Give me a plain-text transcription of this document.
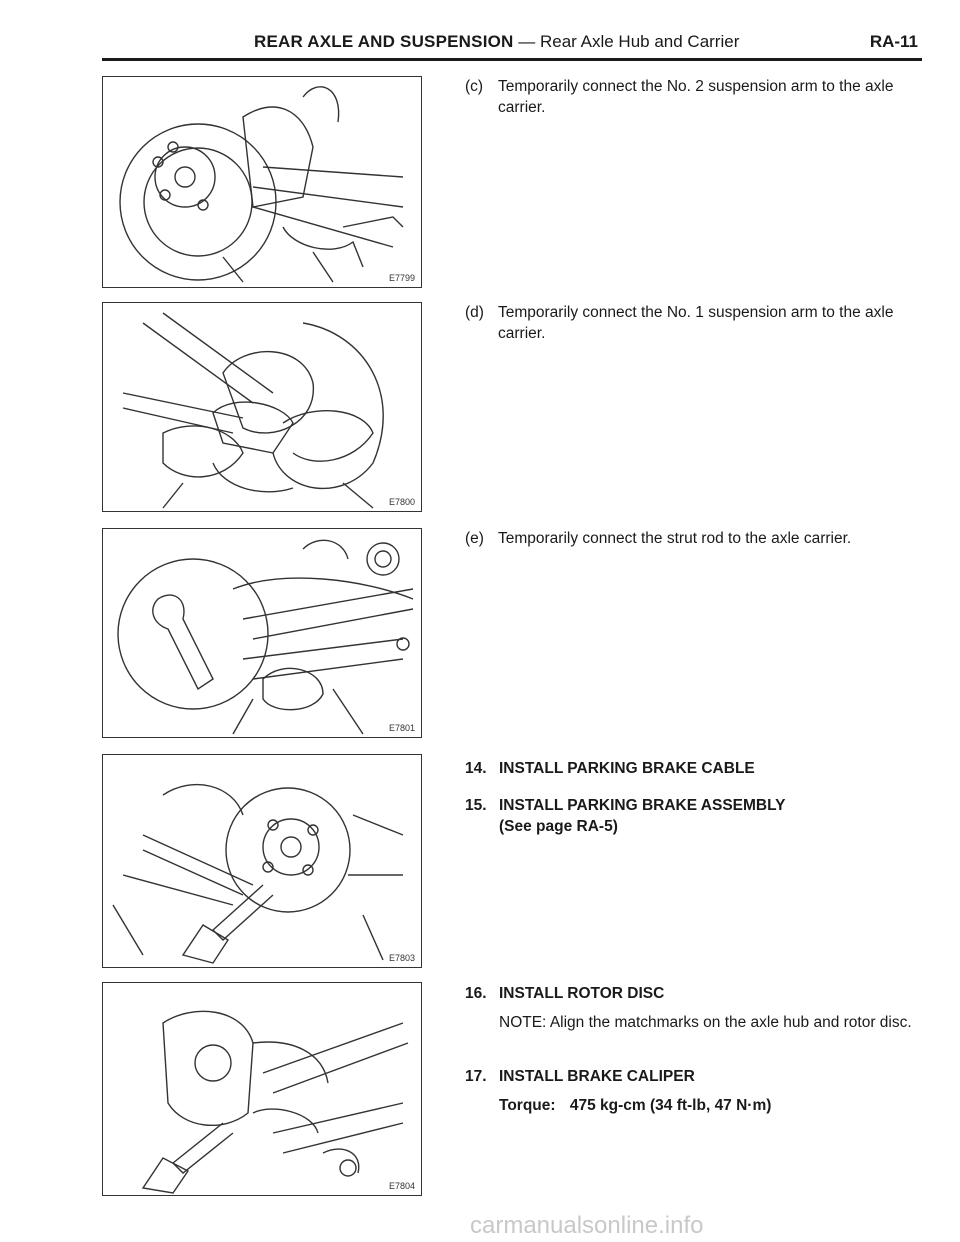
REAR AXLE AND SUSPENSION — Rear Axle Hub and Carrier	RA-11
E7799
E7800
E7801
E7803
E7804
(c) Temporarily connect the No. 2 suspension arm to the axle carrier.
(d) Temporarily connect the No. 1 suspension arm to the axle carrier.
(e) Temporarily connect the strut rod to the axle carrier.
14. INSTALL PARKING BRAKE CABLE
15. INSTALL PARKING BRAKE ASSEMBLY
(See page RA-5)
16. INSTALL ROTOR DISC
NOTE: Align the matchmarks on the axle hub and rotor disc.
17. INSTALL BRAKE CALIPER
Torque: 475 kg-cm (34 ft-lb, 47 N·m)
carmanualsonline.info
